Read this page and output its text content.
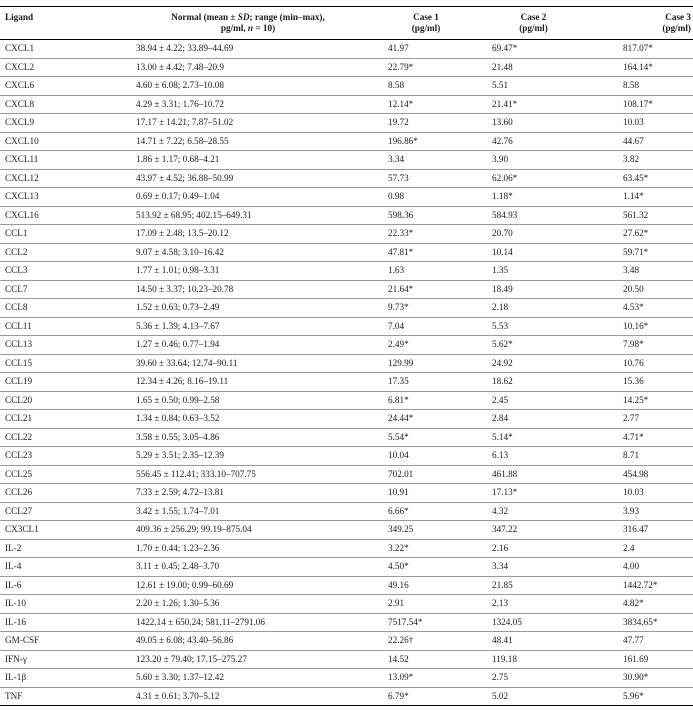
Ligand	Normal (mean ± SD; range (min–max),	Case 1	Case 2	Case 3
	pg/ml, n = 10)	(pg/ml)	(pg/ml)	(pg/ml)
CXCL1	38.94 ± 4.22; 33.89–44.69	41.97	69.47*	817.07*
CXCL2	13.00 ± 4.42; 7.48–20.9	22.79*	21.48	164.14*
CXCL6	4.60 ± 6.08; 2.73–10.08	8.58	5.51	8.58
CXCL8	4.29 ± 3.31; 1.76–10.72	12.14*	21.41*	108.17*
CXCL9	17.17 ± 14.21; 7.87–51.02	19.72	13.60	10.03
CXCL10	14.71 ± 7.22; 6.58–28.55	196.86*	42.76	44.67
CXCL11	1.86 ± 1.17; 0.68–4.21	3.34	3.90	3.82
CXCL12	43.97 ± 4.52; 36.88–50.99	57.73	62.06*	63.45*
CXCL13	0.69 ± 0.17; 0.49–1.04	0.98	1.18*	1.14*
CXCL16	513.92 ± 68.95; 402.15–649.31	598.36	584.93	561.32
CCL1	17.09 ± 2.48; 13.5–20.12	22.33*	20.70	27.62*
CCL2	9.07 ± 4.58; 3.10–16.42	47.81*	10.14	59.71*
CCL3	1.77 ± 1.01; 0.98–3.31	1.63	1.35	3.48
CCL7	14.50 ± 3.37; 10.23–20.78	21.64*	18.49	20.50
CCL8	1.52 ± 0.63; 0.73–2.49	9.73*	2.18	4.53*
CCL11	5.36 ± 1.39; 4.13–7.67	7.04	5.53	10.16*
CCL13	1.27 ± 0.46; 0.77–1.94	2.49*	5.62*	7.98*
CCL15	39.60 ± 33.64; 12.74–90.11	129.99	24.92	10.76
CCL19	12.34 ± 4.26; 8.16–19.11	17.35	18.62	15.36
CCL20	1.65 ± 0.50; 0.99–2.58	6.81*	2.45	14.25*
CCL21	1.34 ± 0.84; 0.63–3.52	24.44*	2.84	2.77
CCL22	3.58 ± 0.55; 3.05–4.86	5.54*	5.14*	4.71*
CCL23	5.29 ± 3.51; 2.35–12.39	10.04	6.13	8.71
CCL25	556.45 ± 112.41; 333.10–707.75	702.01	461.88	454.98
CCL26	7.33 ± 2.59; 4.72–13.81	10.91	17.13*	10.03
CCL27	3.42 ± 1.55; 1.74–7.01	6.66*	4.32	3.93
CX3CL1	409.36 ± 256.29; 99.19–875.04	349.25	347.22	316.47
IL-2	1.70 ± 0.44; 1.23–2.36	3.22*	2.16	2.4
IL-4	3.11 ± 0.45; 2.48–3.70	4.50*	3.34	4.00
IL-6	12.61 ± 19.00; 0.99–60.69	49.16	21.85	1442.72*
IL-10	2.20 ± 1.26; 1.30–5.36	2.91	2.13	4.82*
IL-16	1422.14 ± 650.24; 581.11–2791.06	7517.54*	1324.05	3834.65*
GM-CSF	49.05 ± 6.08; 43.40–56.86	22.26†	48.41	47.77
IFN-γ	123.20 ± 79.40; 17.15–275.27	14.52	119.18	161.69
IL-1β	5.60 ± 3.30; 1.37–12.42	13.09*	2.75	30.90*
TNF	4.31 ± 0.61; 3.70–5.12	6.79*	5.02	5.96*
